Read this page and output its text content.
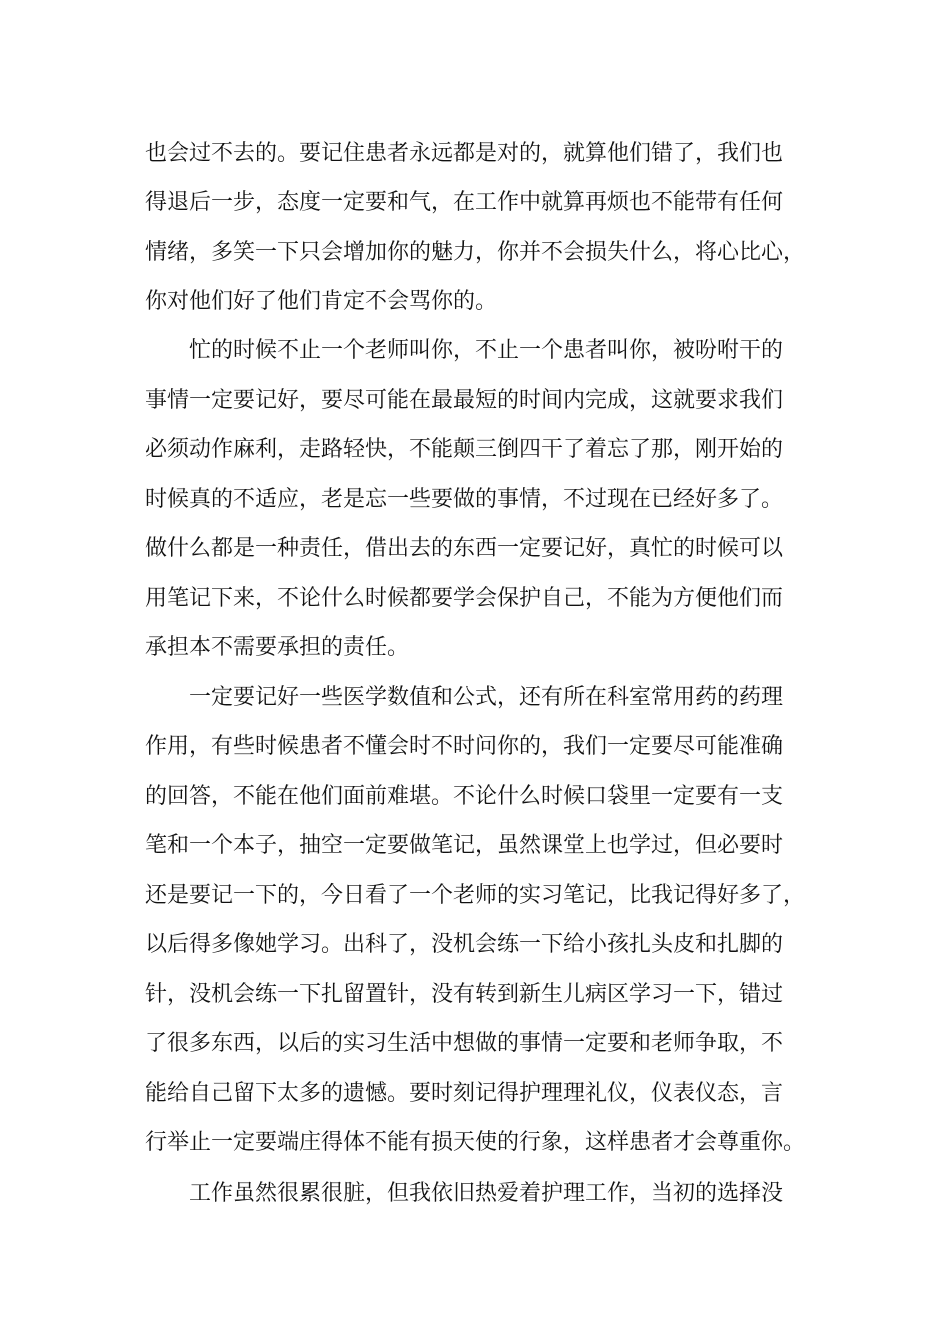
也会过不去的。要记住患者永远都是对的，就算他们错了，我们也
得退后一步，态度一定要和气，在工作中就算再烦也不能带有任何
情绪，多笑一下只会增加你的魅力，你并不会损失什么，将心比心，
你对他们好了他们肯定不会骂你的。
忙的时候不止一个老师叫你，不止一个患者叫你，被吩咐干的
事情一定要记好，要尽可能在最最短的时间内完成，这就要求我们
必须动作麻利，走路轻快，不能颠三倒四干了着忘了那，刚开始的
时候真的不适应，老是忘一些要做的事情，不过现在已经好多了。
做什么都是一种责任，借出去的东西一定要记好，真忙的时候可以
用笔记下来，不论什么时候都要学会保护自己，不能为方便他们而
承担本不需要承担的责任。
一定要记好一些医学数值和公式，还有所在科室常用药的药理
作用，有些时候患者不懂会时不时问你的，我们一定要尽可能准确
的回答，不能在他们面前难堪。不论什么时候口袋里一定要有一支
笔和一个本子，抽空一定要做笔记，虽然课堂上也学过，但必要时
还是要记一下的，今日看了一个老师的实习笔记，比我记得好多了，
以后得多像她学习。出科了，没机会练一下给小孩扎头皮和扎脚的
针，没机会练一下扎留置针，没有转到新生儿病区学习一下，错过
了很多东西，以后的实习生活中想做的事情一定要和老师争取，不
能给自己留下太多的遗憾。要时刻记得护理理礼仪，仪表仪态，言
行举止一定要端庄得体不能有损天使的行象，这样患者才会尊重你。
工作虽然很累很脏，但我依旧热爱着护理工作，当初的选择没
